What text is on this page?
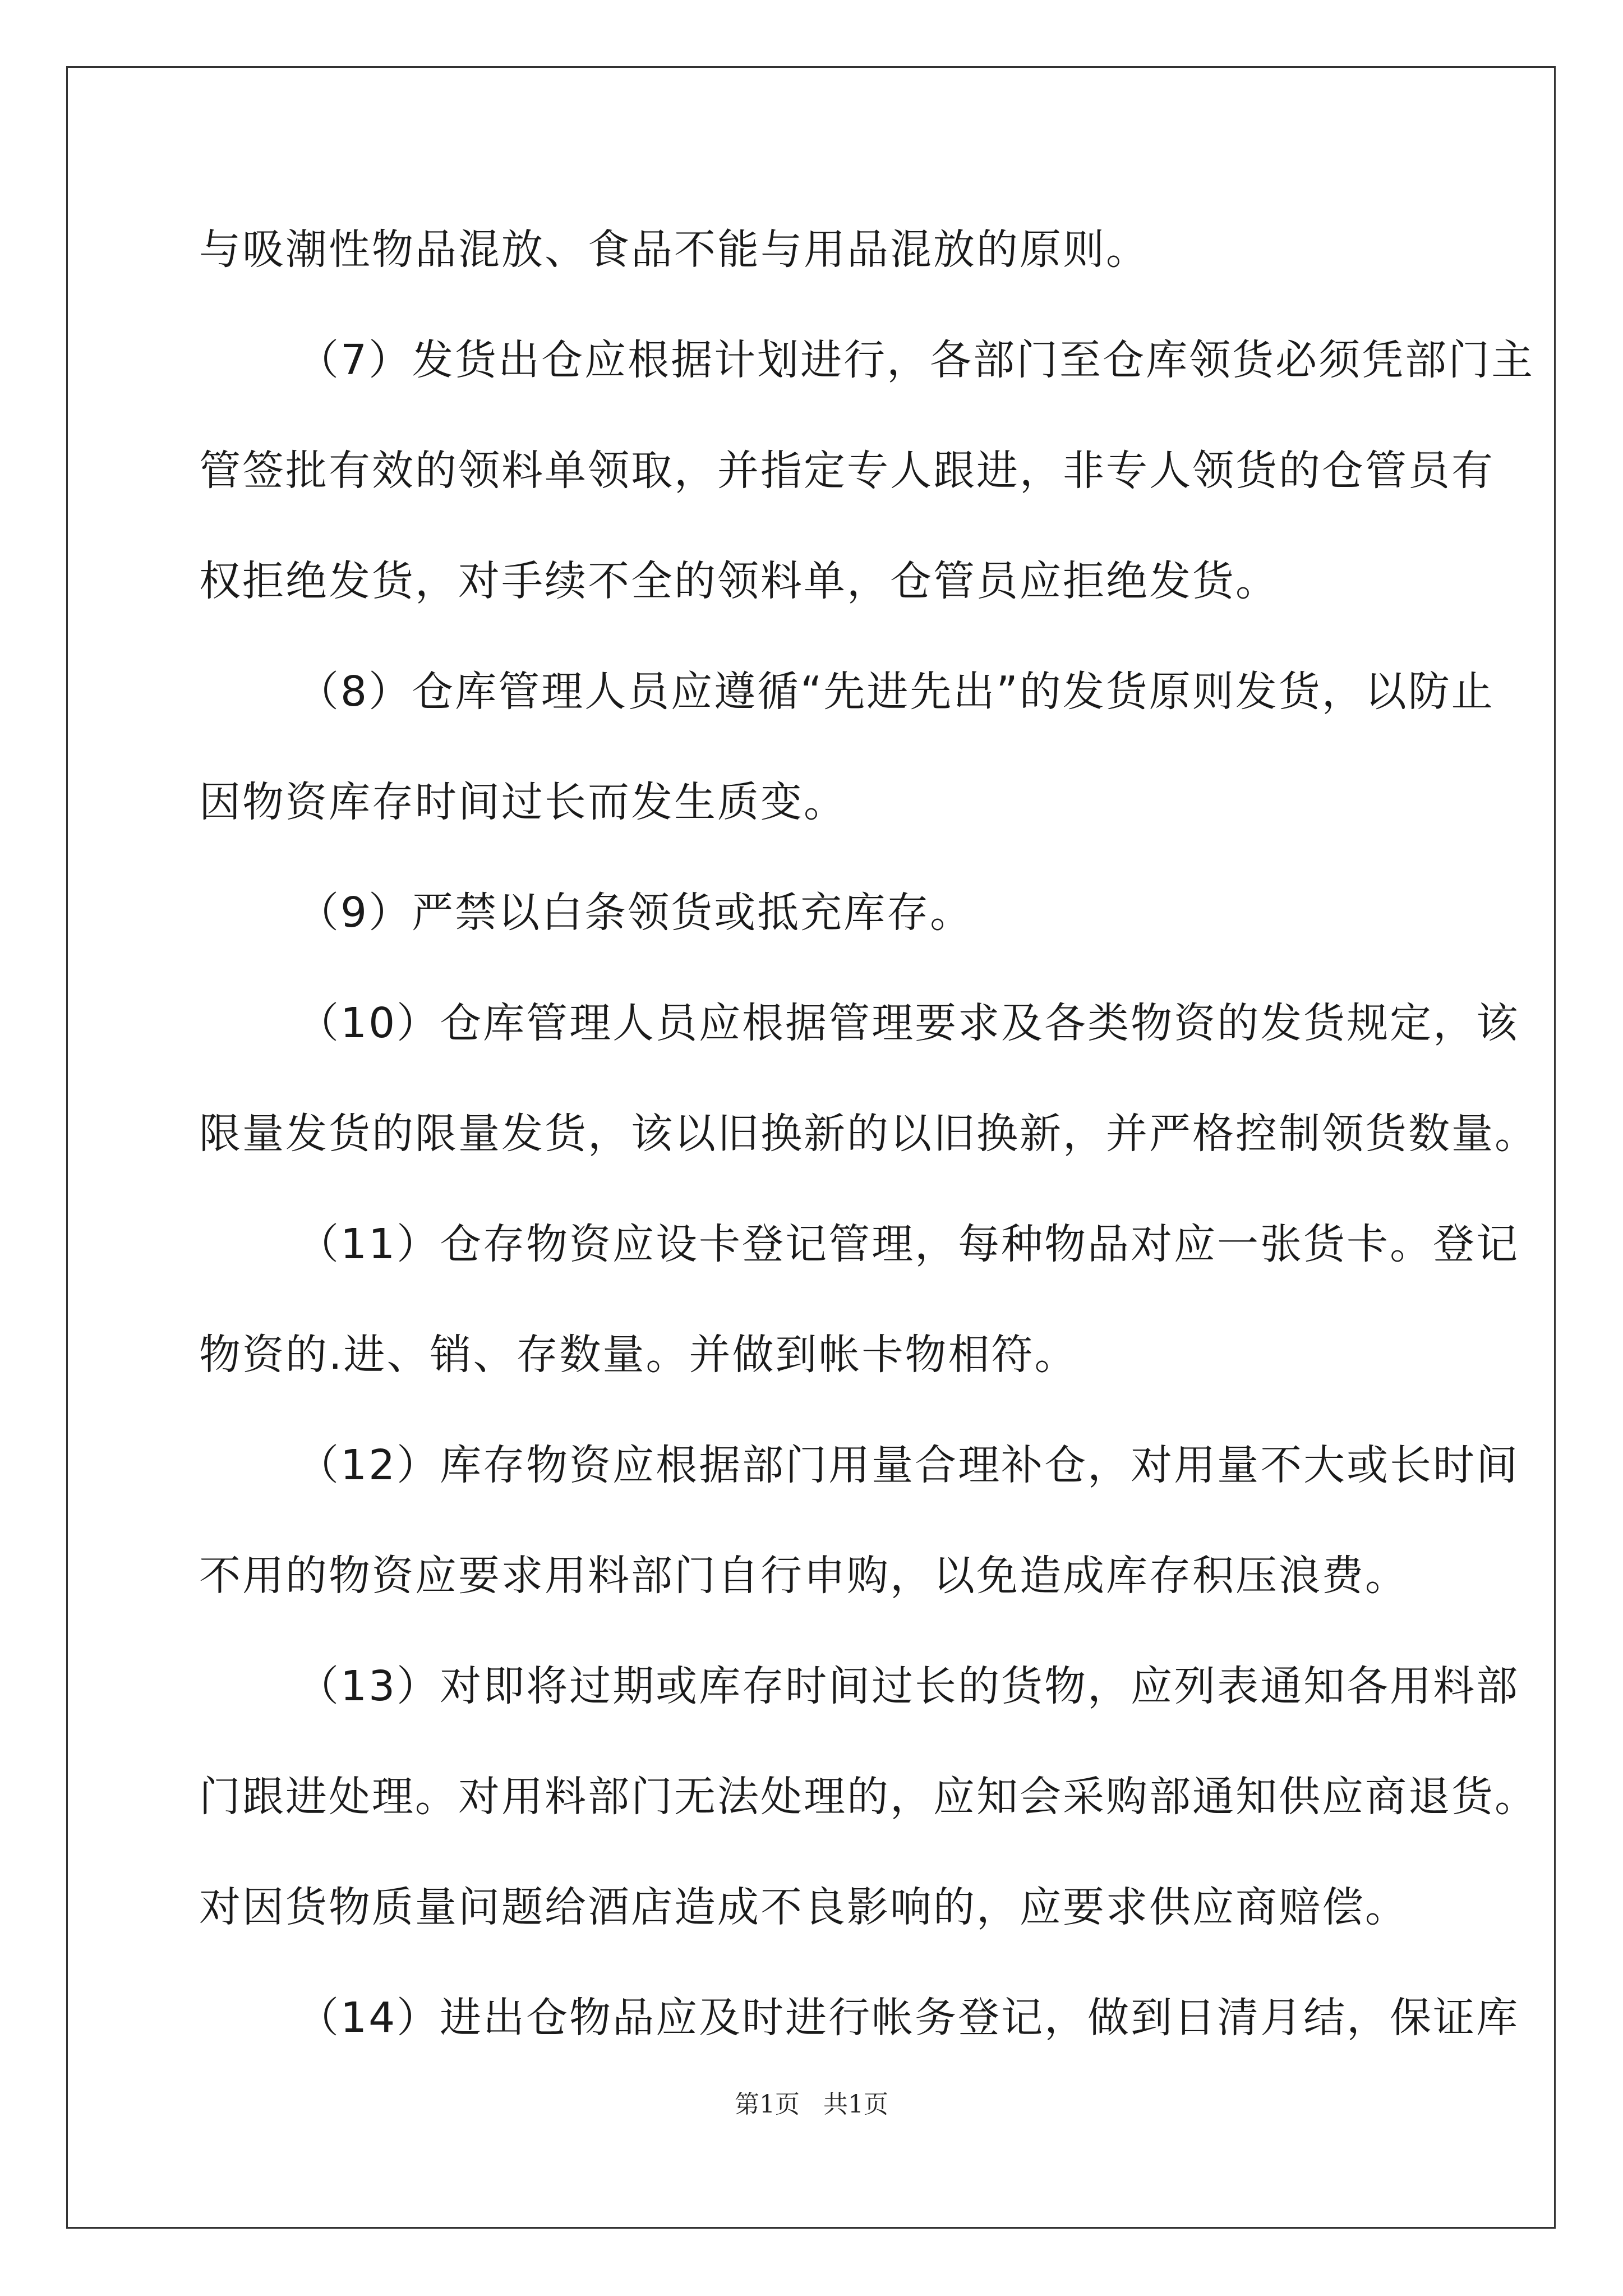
与吸潮性物品混放、食品不能与用品混放的原则。

（7）发货出仓应根据计划进行，各部门至仓库领货必须凭部门主

管签批有效的领料单领取，并指定专人跟进，非专人领货的仓管员有

权拒绝发货，对手续不全的领料单，仓管员应拒绝发货。

（8）仓库管理人员应遵循“先进先出”的发货原则发货，以防止

因物资库存时间过长而发生质变。

（9）严禁以白条领货或抵充库存。

（10）仓库管理人员应根据管理要求及各类物资的发货规定，该

限量发货的限量发货，该以旧换新的以旧换新，并严格控制领货数量。

（11）仓存物资应设卡登记管理，每种物品对应一张货卡。登记

物资的.进、销、存数量。并做到帐卡物相符。

（12）库存物资应根据部门用量合理补仓，对用量不大或长时间

不用的物资应要求用料部门自行申购，以免造成库存积压浪费。

（13）对即将过期或库存时间过长的货物，应列表通知各用料部

门跟进处理。对用料部门无法处理的，应知会采购部通知供应商退货。

对因货物质量问题给酒店造成不良影响的，应要求供应商赔偿。

（14）进出仓物品应及时进行帐务登记，做到日清月结，保证库

第1页   共1页
